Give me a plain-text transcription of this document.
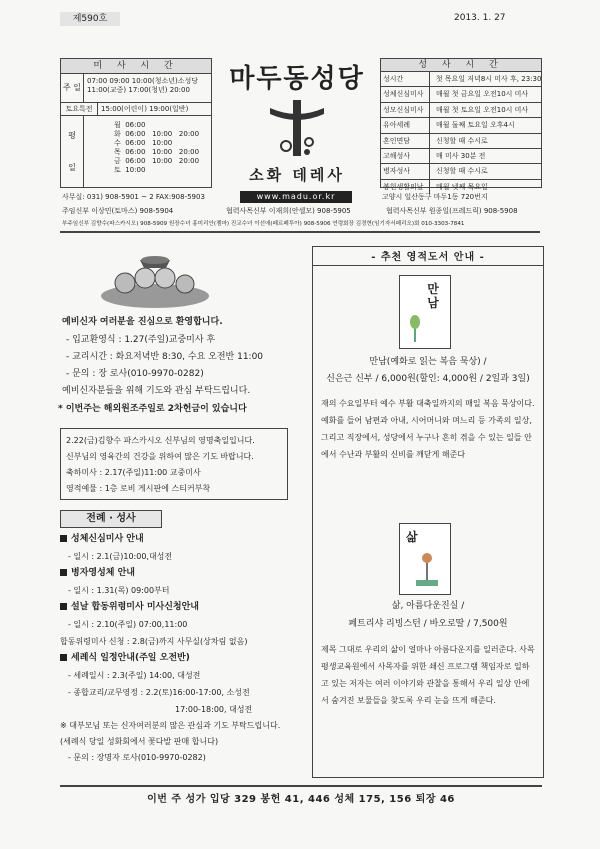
제590호	2013. 1. 27
미 사 시 간
주 일
07:00 09:00 10:00(청소년)소성당
11:00(교중) 17:00(청년) 20:00
토요특전	15:00(어린이) 19:00(일반)
평
일
월 06:00
화 06:00   10:00   20:00
수 06:00   10:00
목 06:00   10:00   20:00
금 06:00   10:00   20:00
토 10:00
마두동성당
소화 데레사
www.madu.or.kr
성 사 시 간
성시간	첫 목요일 저녁8시 미사 후, 23:30
성체신심미사	매월 첫 금요일 오전10시 미사
성모신심미사	매월 첫 토요일 오전10시 미사
유아세례	매월 둘째 토요일 오후4시
혼인면담	신청할 때 수시로
고해성사	매 미사 30분 전
병자성사	신청할 때 수시로
봉헌생활의날	매월 넷째 목요일
사무실: 031) 908-5901 ~ 2 FAX:908-5903	고양시 일산동구 마두1동 720번지
주임신부 이상민(토마스) 908-5904	협력사목신부 이재희(안셀모) 908-5905	협력사목신부 원종일(프레드릭) 908-5908
부주임신부 김향수(파스카시오) 908-5909 원장수녀 홍미리안(젬마) 진교수녀 이선애(페르페투아) 908-5906 연령회장 김경현(임기자서페리오)회 010-3303-7841
예비신자 여러분을 진심으로 환영합니다.
- 입교환영식 : 1.27(주일)교중미사 후
- 교리시간 : 화요저녁반 8:30, 수요 오전반 11:00
- 문의 : 장 로사(010-9970-0282)
예비신자분들을 위해 기도와 관심 부탁드립니다.
* 이번주는 해외원조주일로 2차헌금이 있습니다
2.22(금)김향수 파스카시오 신부님의 영명축일입니다.
신부님의 영육간의 건강을 위하여 많은 기도 바랍니다.
축하미사 : 2.17(주일)11:00 교중미사
영적예물 : 1층 로비 게시판에 스티커부착
전례 · 성사
성체신심미사 안내
- 일시 : 2.1(금)10:00,대성전
병자영성체 안내
- 일시 : 1.31(목) 09:00부터
설날 합동위령미사 미사신청안내
- 일시 : 2.10(주일) 07:00,11:00
합동위령미사 신청 : 2.8(금)까지 사무실(상차림 없음)
세례식 일정안내(주일 오전반)
- 세례일시 : 2.3(주일) 14:00, 대성전
- 종합교리/교무영정 : 2.2(토)16:00-17:00, 소성전
17:00-18:00, 대성전
※ 대부모님 또는 신자여러분의 많은 관심과 기도 부탁드립니다.
(세례식 당일 성화회에서 꽃다발 판매 합니다)
- 문의 : 장명자 로사(010-9970-0282)
- 추천 영적도서 안내 -
만남
만남(예화로 읽는 복음 묵상) /
신은근 신부 / 6,000원(할인: 4,000원 / 2일과 3일)
재의 수요일부터 예수 부활 대축일까지의 매일 복음 묵상이다. 예화를 들어 남편과 아내, 시어머니와 며느리 등 가족의 일상, 그리고 직장에서, 성당에서 누구나 흔히 겪을 수 있는 일들 안에서 수난과 부활의 신비를 깨닫게 해준다
삶
삶, 아름다운진실 /
페트리샤 리빙스턴 / 바오로딸 / 7,500원
제목 그대로 우리의 삶이 얼마나 아름다운지를 일러준다. 사목평생교육원에서 사목자를 위한 쇄신 프로그램 책임자로 일하고 있는 저자는 여러 이야기와 관찰을 통해서 우리 일상 안에서 숨겨진 보물들을 찾도록 우리 눈을 뜨게 해준다.
이번 주 성가 입당 329 봉헌 41, 446 성체 175, 156 퇴장 46
